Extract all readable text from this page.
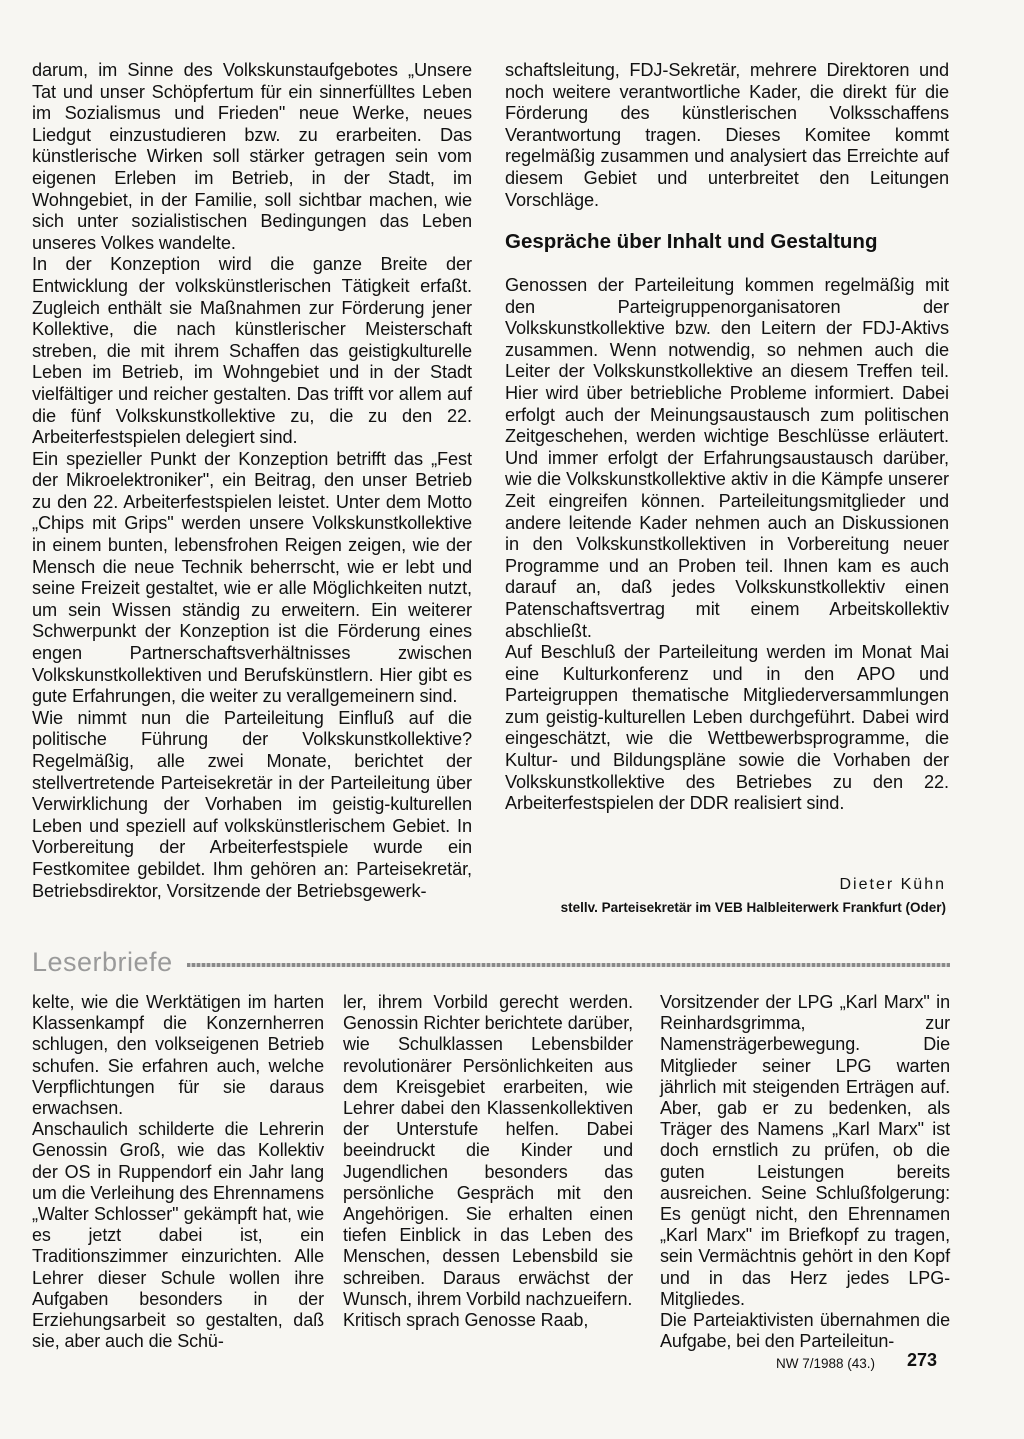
darum, im Sinne des Volkskunstaufgebotes „Unsere Tat und unser Schöpfertum für ein sinnerfülltes Leben im Sozialismus und Frieden" neue Werke, neues Liedgut einzustudieren bzw. zu erarbeiten. Das künstlerische Wirken soll stärker getragen sein vom eigenen Erleben im Betrieb, in der Stadt, im Wohngebiet, in der Familie, soll sichtbar machen, wie sich unter sozialistischen Bedingungen das Leben unseres Volkes wandelte.

In der Konzeption wird die ganze Breite der Entwicklung der volkskünstlerischen Tätigkeit erfaßt. Zugleich enthält sie Maßnahmen zur Förderung jener Kollektive, die nach künstlerischer Meisterschaft streben, die mit ihrem Schaffen das geistigkulturelle Leben im Betrieb, im Wohngebiet und in der Stadt vielfältiger und reicher gestalten. Das trifft vor allem auf die fünf Volkskunstkollektive zu, die zu den 22. Arbeiterfestspielen delegiert sind.

Ein spezieller Punkt der Konzeption betrifft das „Fest der Mikroelektroniker", ein Beitrag, den unser Betrieb zu den 22. Arbeiterfestspielen leistet. Unter dem Motto „Chips mit Grips" werden unsere Volkskunstkollektive in einem bunten, lebensfrohen Reigen zeigen, wie der Mensch die neue Technik beherrscht, wie er lebt und seine Freizeit gestaltet, wie er alle Möglichkeiten nutzt, um sein Wissen ständig zu erweitern. Ein weiterer Schwerpunkt der Konzeption ist die Förderung eines engen Partnerschaftsverhältnisses zwischen Volkskunstkollektiven und Berufskünstlern. Hier gibt es gute Erfahrungen, die weiter zu verallgemeinern sind.

Wie nimmt nun die Parteileitung Einfluß auf die politische Führung der Volkskunstkollektive? Regelmäßig, alle zwei Monate, berichtet der stellvertretende Parteisekretär in der Parteileitung über Verwirklichung der Vorhaben im geistig-kulturellen Leben und speziell auf volkskünstlerischem Gebiet. In Vorbereitung der Arbeiterfestspiele wurde ein Festkomitee gebildet. Ihm gehören an: Parteisekretär, Betriebsdirektor, Vorsitzende der Betriebsgewerk-

schaftsleitung, FDJ-Sekretär, mehrere Direktoren und noch weitere verantwortliche Kader, die direkt für die Förderung des künstlerischen Volksschaffens Verantwortung tragen. Dieses Komitee kommt regelmäßig zusammen und analysiert das Erreichte auf diesem Gebiet und unterbreitet den Leitungen Vorschläge.

Gespräche über Inhalt und Gestaltung

Genossen der Parteileitung kommen regelmäßig mit den Parteigruppenorganisatoren der Volkskunstkollektive bzw. den Leitern der FDJ-Aktivs zusammen. Wenn notwendig, so nehmen auch die Leiter der Volkskunstkollektive an diesem Treffen teil. Hier wird über betriebliche Probleme informiert. Dabei erfolgt auch der Meinungsaustausch zum politischen Zeitgeschehen, werden wichtige Beschlüsse erläutert. Und immer erfolgt der Erfahrungsaustausch darüber, wie die Volkskunstkollektive aktiv in die Kämpfe unserer Zeit eingreifen können. Parteileitungsmitglieder und andere leitende Kader nehmen auch an Diskussionen in den Volkskunstkollektiven in Vorbereitung neuer Programme und an Proben teil. Ihnen kam es auch darauf an, daß jedes Volkskunstkollektiv einen Patenschaftsvertrag mit einem Arbeitskollektiv abschließt.

Auf Beschluß der Parteileitung werden im Monat Mai eine Kulturkonferenz und in den APO und Parteigruppen thematische Mitgliederversammlungen zum geistig-kulturellen Leben durchgeführt. Dabei wird eingeschätzt, wie die Wettbewerbsprogramme, die Kultur- und Bildungspläne sowie die Vorhaben der Volkskunstkollektive des Betriebes zu den 22. Arbeiterfestspielen der DDR realisiert sind.

Dieter Kühn

stellv. Parteisekretär im VEB Halbleiterwerk Frankfurt (Oder)

Leserbriefe

kelte, wie die Werktätigen im harten Klassenkampf die Konzernherren schlugen, den volkseigenen Betrieb schufen. Sie erfahren auch, welche Verpflichtungen für sie daraus erwachsen.

Anschaulich schilderte die Lehrerin Genossin Groß, wie das Kollektiv der OS in Ruppendorf ein Jahr lang um die Verleihung des Ehrennamens „Walter Schlosser" gekämpft hat, wie es jetzt dabei ist, ein Traditionszimmer einzurichten. Alle Lehrer dieser Schule wollen ihre Aufgaben besonders in der Erziehungsarbeit so gestalten, daß sie, aber auch die Schü-

ler, ihrem Vorbild gerecht werden. Genossin Richter berichtete darüber, wie Schulklassen Lebensbilder revolutionärer Persönlichkeiten aus dem Kreisgebiet erarbeiten, wie Lehrer dabei den Klassenkollektiven der Unterstufe helfen. Dabei beeindruckt die Kinder und Jugendlichen besonders das persönliche Gespräch mit den Angehörigen. Sie erhalten einen tiefen Einblick in das Leben des Menschen, dessen Lebensbild sie schreiben. Daraus erwächst der Wunsch, ihrem Vorbild nachzueifern.

Kritisch sprach Genosse Raab,

Vorsitzender der LPG „Karl Marx" in Reinhardsgrimma, zur Namensträgerbewegung. Die Mitglieder seiner LPG warten jährlich mit steigenden Erträgen auf. Aber, gab er zu bedenken, als Träger des Namens „Karl Marx" ist doch ernstlich zu prüfen, ob die guten Leistungen bereits ausreichen. Seine Schlußfolgerung: Es genügt nicht, den Ehrennamen „Karl Marx" im Briefkopf zu tragen, sein Vermächtnis gehört in den Kopf und in das Herz jedes LPG-Mitgliedes.

Die Parteiaktivisten übernahmen die Aufgabe, bei den Parteileitun-

NW 7/1988 (43.) 273
